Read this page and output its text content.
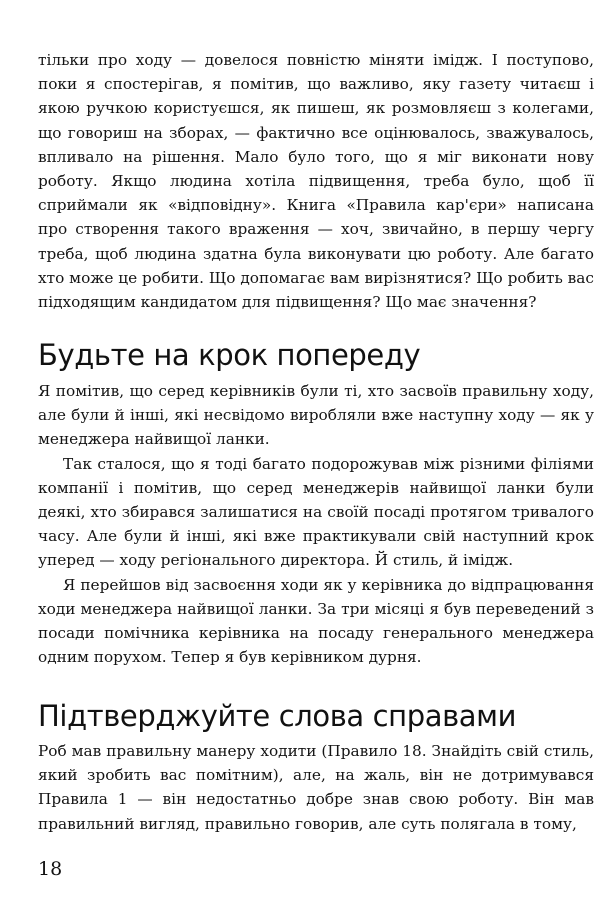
тільки про ходу — довелося повністю міняти імідж. І поступово, поки я спостерігав, я помітив, що важливо, яку газету читаєш і якою ручкою користуєшся, як пишеш, як розмовляєш з колегами, що говориш на зборах, — фактично все оцінювалось, зважувалось, впливало на рішення. Мало було того, що я міг виконати нову роботу. Якщо людина хотіла підвищення, треба було, щоб її сприймали як «відповідну». Книга «Правила кар'єри» написана про створення такого враження — хоч, звичайно, в першу чергу треба, щоб людина здатна була виконувати цю роботу. Але багато хто може це робити. Що допомагає вам вирізнятися? Що робить вас підходящим кандидатом для підвищення? Що має значення?

Будьте на крок попереду

Я помітив, що серед керівників були ті, хто засвоїв правильну ходу, але були й інші, які несвідомо виробляли вже наступну ходу — як у менеджера найвищої ланки.

Так сталося, що я тоді багато подорожував між різними філіями компанії і помітив, що серед менеджерів найвищої ланки були деякі, хто збирався залишатися на своїй посаді протягом тривалого часу. Але були й інші, які вже практикували свій наступний крок уперед — ходу регіонального директора. Й стиль, й імідж.

Я перейшов від засвоєння ходи як у керівника до відпрацювання ходи менеджера найвищої ланки. За три місяці я був переведений з посади помічника керівника на посаду генерального менеджера одним порухом. Тепер я був керівником дурня.

Підтверджуйте слова справами

Роб мав правильну манеру ходити (Правило 18. Знайдіть свій стиль, який зробить вас помітним), але, на жаль, він не дотримувався Правила 1 — він недостатньо добре знав свою роботу. Він мав правильний вигляд, правильно говорив, але суть полягала в тому,

18
